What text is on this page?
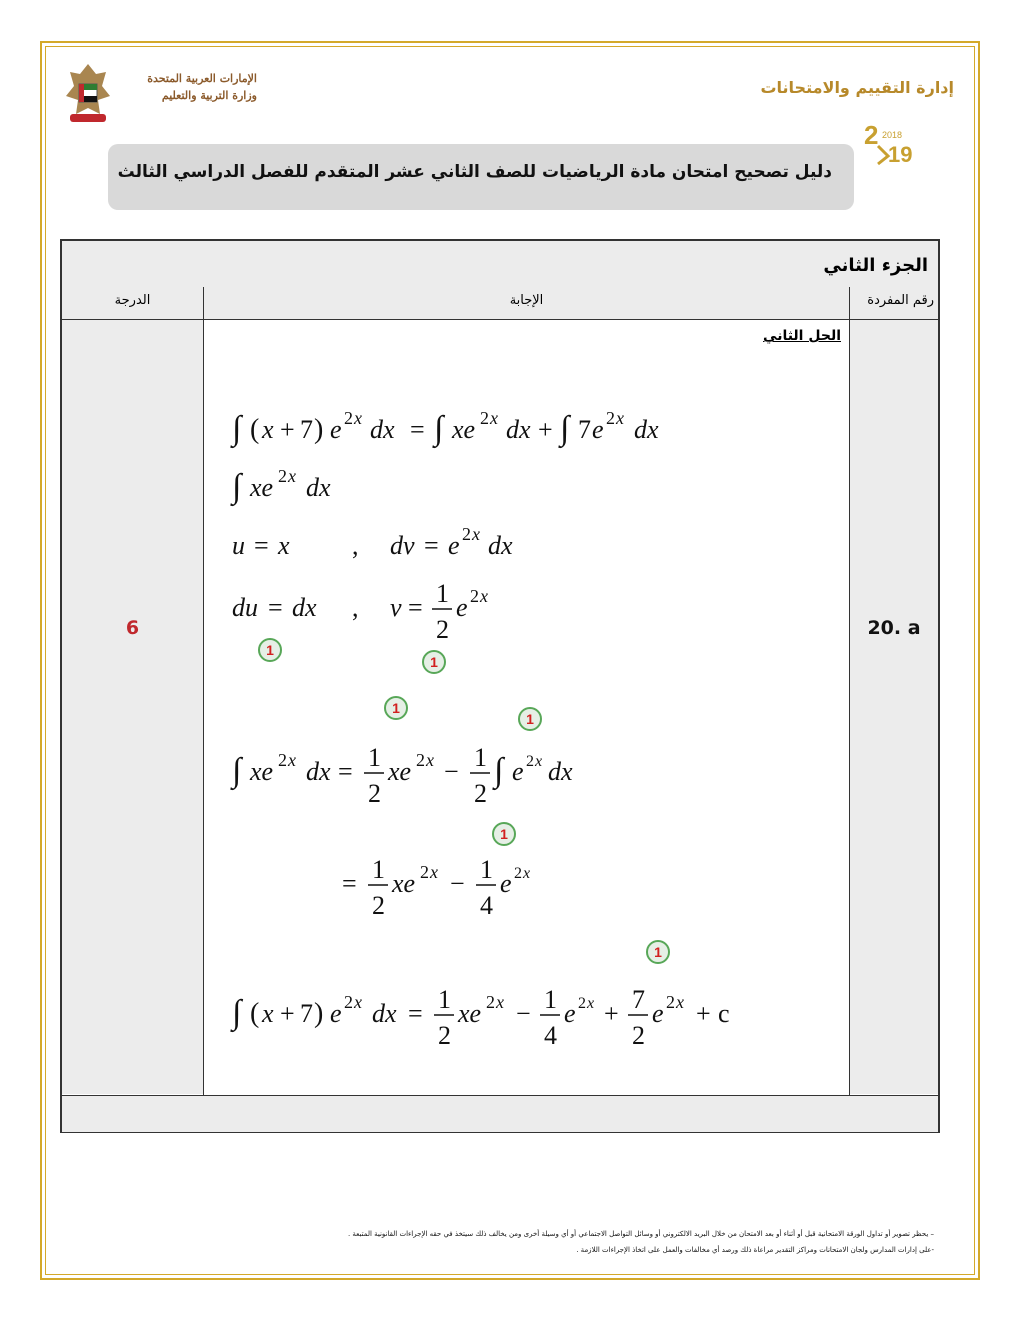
الإمارات العربية المتحدة
وزارة التربية والتعليم	إدارة التقييم والامتحانات
2 2018
19
دليل تصحيح امتحان مادة الرياضيات للصف الثاني عشر المتقدم للفصل الدراسي الثالث
الجزء الثاني
الدرجة	الإجابة	رقم المفردة
6	20. a
الحل الثاني
∫ ( x + 7 ) e 2 x dx = ∫ xe 2 x dx + ∫ 7 e 2 x dx
∫ xe 2 x dx
u = x , dv = e 2 x dx
du = dx , v = 1
2
e 2 x
∫ xe 2 x dx = 1
2
xe 2 x − 1
2
∫ e 2 x dx
= 1
2
xe 2 x − 1
4
e 2 x
∫ ( x + 7 ) e 2 x dx = 1
2
xe 2 x − 1
4
e 2 x + 7
2
e 2 x + c
1
1
1
1
1
1
– يحظر تصوير أو تداول الورقة الامتحانية قبل أو أثناء أو بعد الامتحان من خلال البريد الالكتروني أو وسائل التواصل الاجتماعي أو أي وسيلة أخرى ومن يخالف ذلك سيتخذ في حقه الإجراءات القانونية المتبعة .
-على إدارات المدارس ولجان الامتحانات ومراكز التقدير مراعاة ذلك ورصد أي مخالفات والعمل على اتخاذ الإجراءات اللازمة .
